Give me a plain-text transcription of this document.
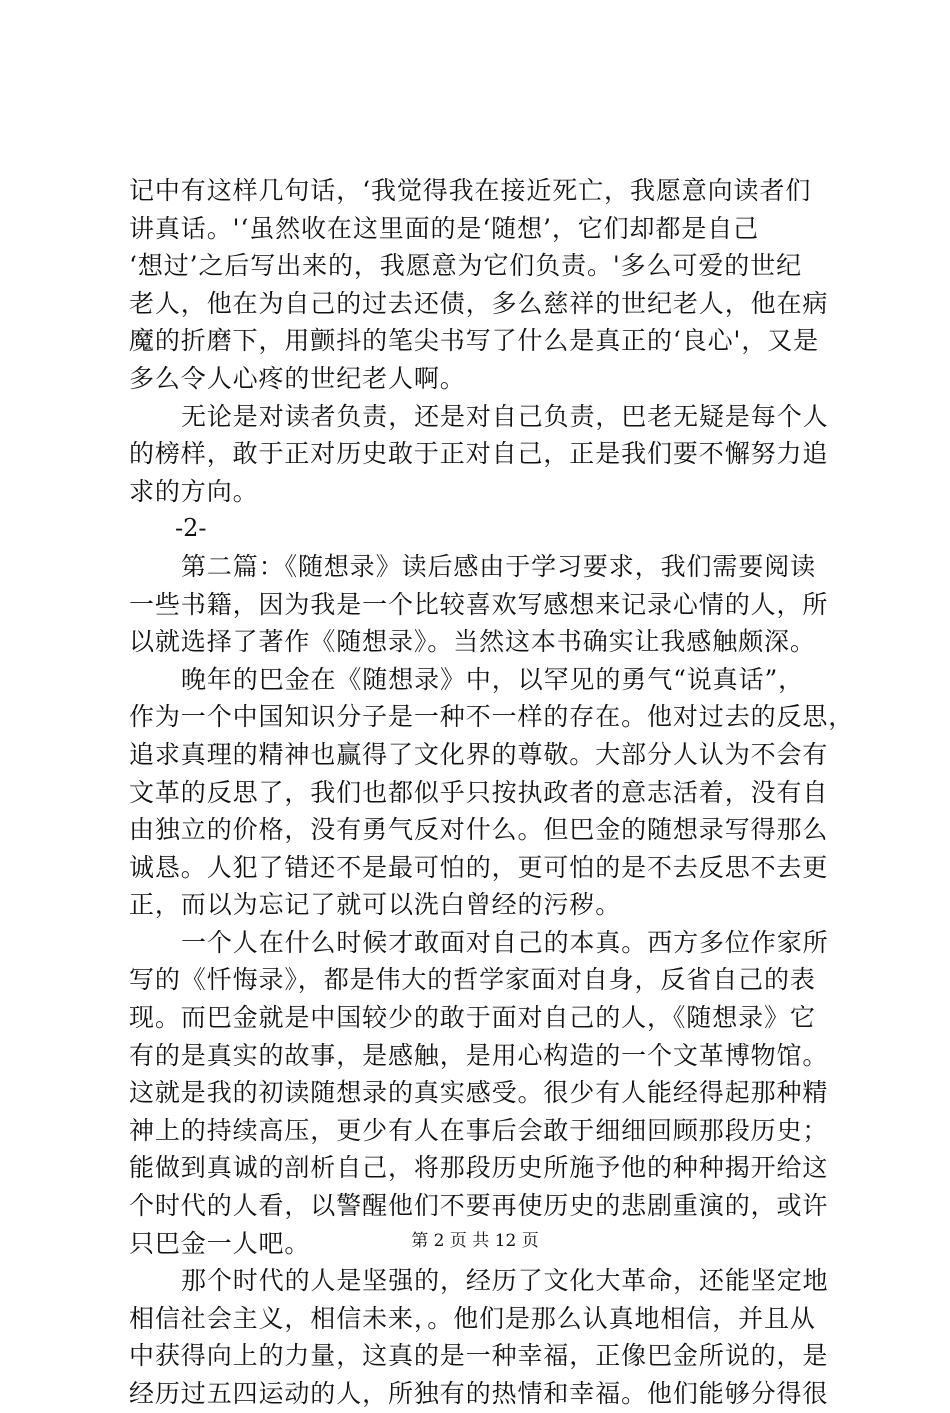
记中有这样几句话，‘我觉得我在接近死亡，我愿意向读者们
讲真话。'‘虽然收在这里面的是‘随想’，它们却都是自己
‘想过’之后写出来的，我愿意为它们负责。'多么可爱的世纪
老人，他在为自己的过去还债，多么慈祥的世纪老人，他在病
魔的折磨下，用颤抖的笔尖书写了什么是真正的‘良心'，又是
多么令人心疼的世纪老人啊。
无论是对读者负责，还是对自己负责，巴老无疑是每个人
的榜样，敢于正对历史敢于正对自己，正是我们要不懈努力追
求的方向。
-2-
第二篇：《随想录》读后感由于学习要求，我们需要阅读
一些书籍，因为我是一个比较喜欢写感想来记录心情的人，所
以就选择了著作《随想录》。当然这本书确实让我感触颇深。
晚年的巴金在《随想录》中，以罕见的勇气“说真话”，
作为一个中国知识分子是一种不一样的存在。他对过去的反思，
追求真理的精神也赢得了文化界的尊敬。大部分人认为不会有
文革的反思了，我们也都似乎只按执政者的意志活着，没有自
由独立的价格，没有勇气反对什么。但巴金的随想录写得那么
诚恳。人犯了错还不是最可怕的，更可怕的是不去反思不去更
正，而以为忘记了就可以洗白曾经的污秽。
一个人在什么时候才敢面对自己的本真。西方多位作家所
写的《忏悔录》，都是伟大的哲学家面对自身，反省自己的表
现。而巴金就是中国较少的敢于面对自己的人，《随想录》它
有的是真实的故事，是感触，是用心构造的一个文革博物馆。
这就是我的初读随想录的真实感受。很少有人能经得起那种精
神上的持续高压，更少有人在事后会敢于细细回顾那段历史；
能做到真诚的剖析自己，将那段历史所施予他的种种揭开给这
个时代的人看，以警醒他们不要再使历史的悲剧重演的，或许
只巴金一人吧。
那个时代的人是坚强的，经历了文化大革命，还能坚定地
相信社会主义，相信未来，。他们是那么认真地相信，并且从
中获得向上的力量，这真的是一种幸福，正像巴金所说的，是
经历过五四运动的人，所独有的热情和幸福。他们能够分得很
第 2 页 共 12 页
